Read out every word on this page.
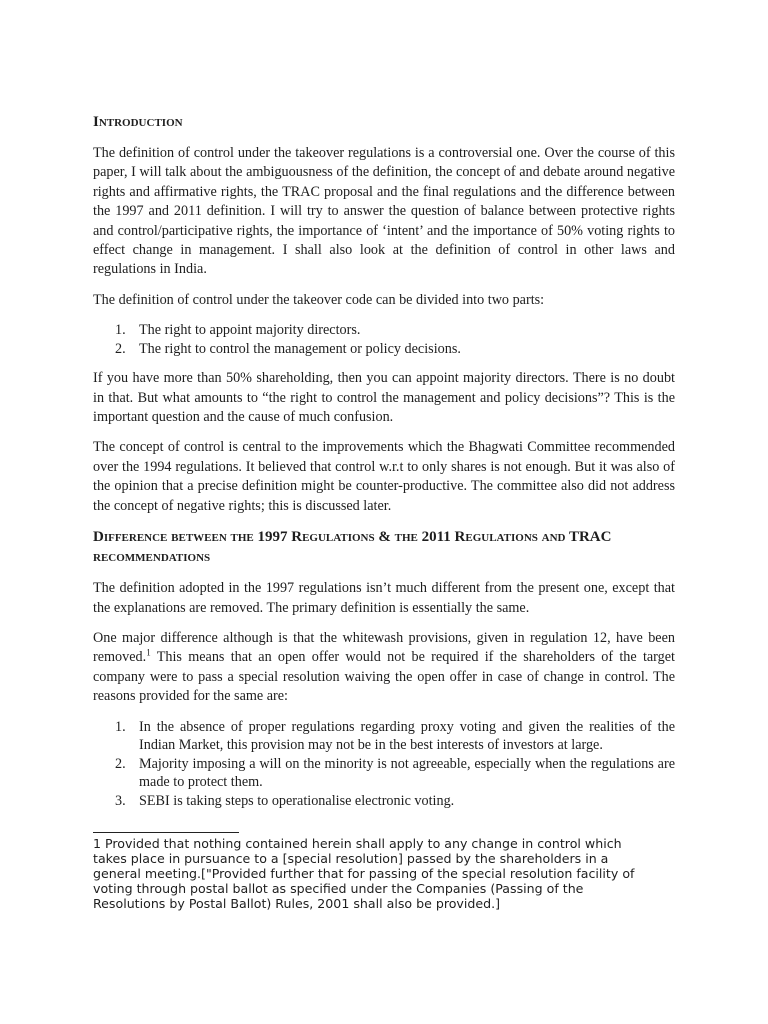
Introduction

The definition of control under the takeover regulations is a controversial one. Over the course of this paper, I will talk about the ambiguousness of the definition, the concept of and debate around negative rights and affirmative rights, the TRAC proposal and the final regulations and the difference between the 1997 and 2011 definition. I will try to answer the question of balance between protective rights and control/participative rights, the importance of ‘intent’ and the importance of 50% voting rights to effect change in management. I shall also look at the definition of control in other laws and regulations in India.

The definition of control under the takeover code can be divided into two parts:

1. The right to appoint majority directors.
2. The right to control the management or policy decisions.

If you have more than 50% shareholding, then you can appoint majority directors. There is no doubt in that. But what amounts to “the right to control the management and policy decisions”? This is the important question and the cause of much confusion.

The concept of control is central to the improvements which the Bhagwati Committee recommended over the 1994 regulations. It believed that control w.r.t to only shares is not enough. But it was also of the opinion that a precise definition might be counter-productive. The committee also did not address the concept of negative rights; this is discussed later.

Difference between the 1997 Regulations & the 2011 Regulations and TRAC recommendations

The definition adopted in the 1997 regulations isn’t much different from the present one, except that the explanations are removed. The primary definition is essentially the same.

One major difference although is that the whitewash provisions, given in regulation 12, have been removed.$^1$ This means that an open offer would not be required if the shareholders of the target company were to pass a special resolution waiving the open offer in case of change in control. The reasons provided for the same are:

1. In the absence of proper regulations regarding proxy voting and given the realities of the Indian Market, this provision may not be in the best interests of investors at large.
2. Majority imposing a will on the minority is not agreeable, especially when the regulations are made to protect them.
3. SEBI is taking steps to operationalise electronic voting.
1 Provided that nothing contained herein shall apply to any change in control which takes place in pursuance to a [special resolution] passed by the shareholders in a general meeting.["Provided further that for passing of the special resolution facility of voting through postal ballot as specified under the Companies (Passing of the Resolutions by Postal Ballot) Rules, 2001 shall also be provided.]
